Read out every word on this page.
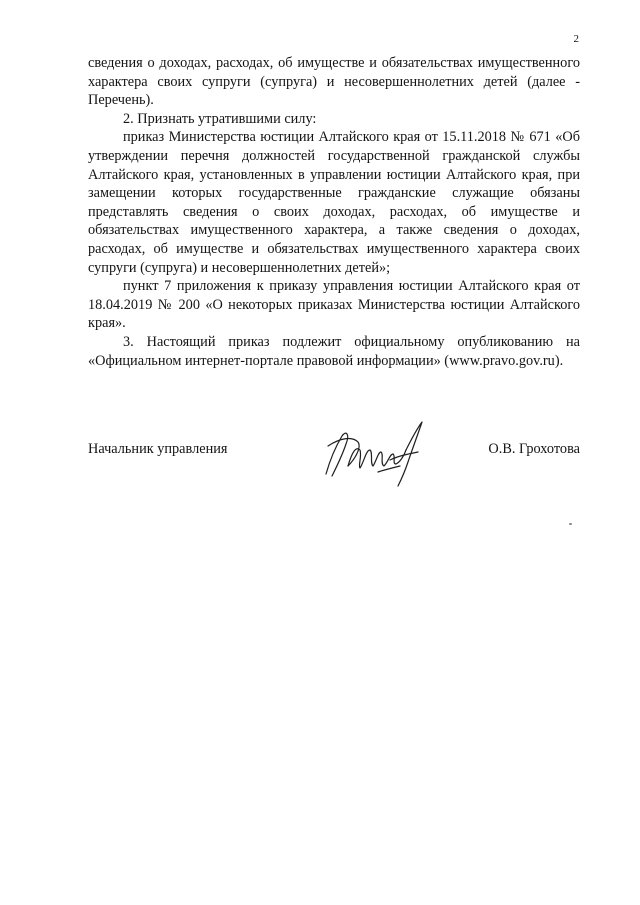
2

сведения о доходах, расходах, об имуществе и обязательствах имущественного характера своих супруги (супруга) и несовершеннолетних детей (далее - Перечень).

2. Признать утратившими силу:

приказ Министерства юстиции Алтайского края от 15.11.2018 № 671 «Об утверждении перечня должностей государственной гражданской службы Алтайского края, установленных в управлении юстиции Алтайского края, при замещении которых государственные гражданские служащие обязаны представлять сведения о своих доходах, расходах, об имуществе и обязательствах имущественного характера, а также сведения о доходах, расходах, об имуществе и обязательствах имущественного характера своих супруги (супруга) и несовершеннолетних детей»;

пункт 7 приложения к приказу управления юстиции Алтайского края от 18.04.2019 № 200 «О некоторых приказах Министерства юстиции Алтайского края».

3. Настоящий приказ подлежит официальному опубликованию на «Официальном интернет-портале правовой информации» (www.pravo.gov.ru).

Начальник управления	О.В. Грохотова
